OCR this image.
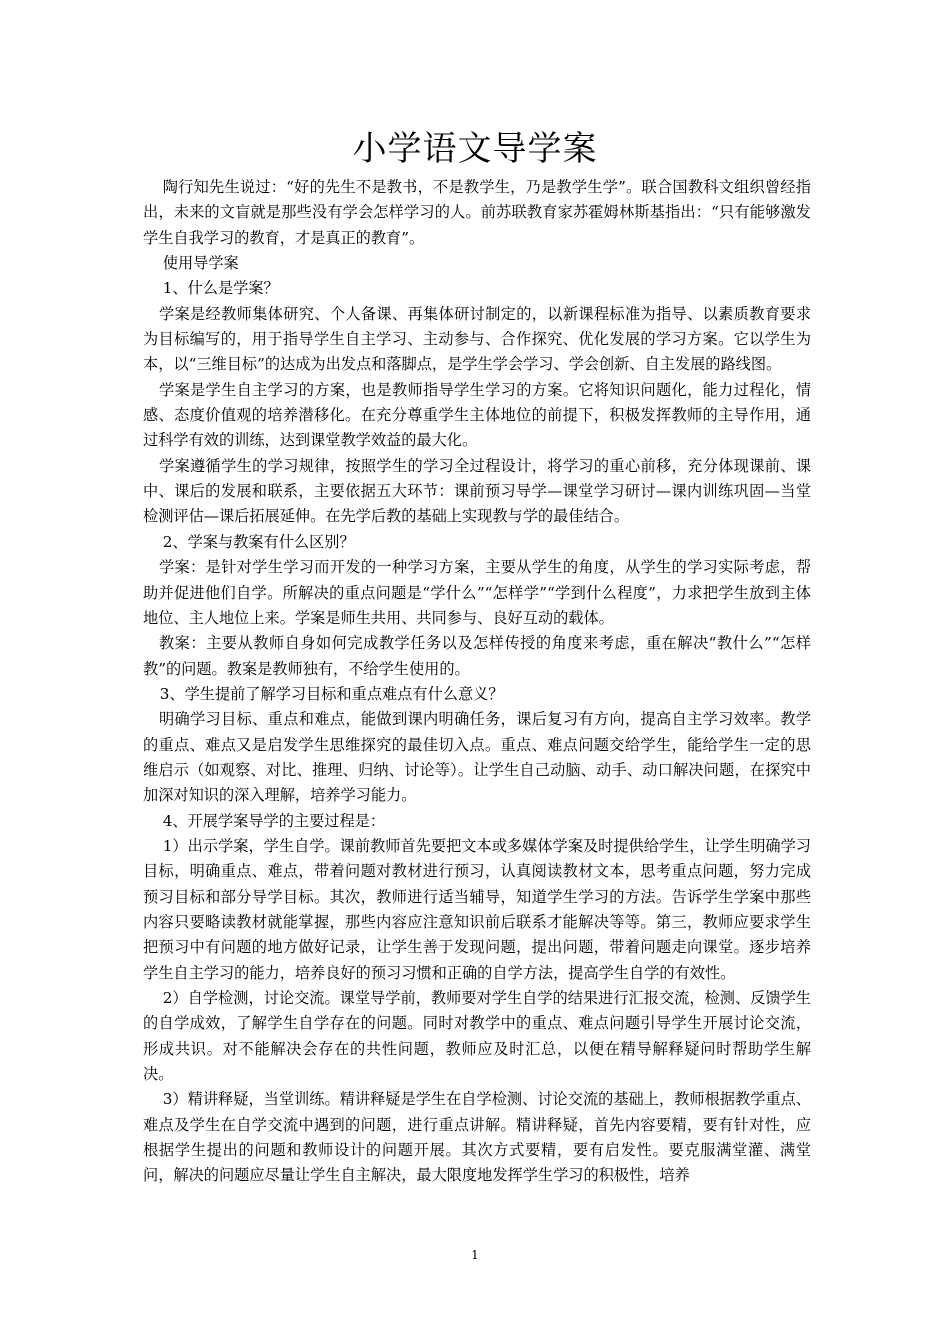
小学语文导学案

陶行知先生说过：“好的先生不是教书，不是教学生，乃是教学生学”。联合国教科文组织曾经指出，未来的文盲就是那些没有学会怎样学习的人。前苏联教育家苏霍姆林斯基指出：“只有能够激发学生自我学习的教育，才是真正的教育”。

使用导学案

1、什么是学案？

学案是经教师集体研究、个人备课、再集体研讨制定的，以新课程标准为指导、以素质教育要求为目标编写的，用于指导学生自主学习、主动参与、合作探究、优化发展的学习方案。它以学生为本，以“三维目标”的达成为出发点和落脚点，是学生学会学习、学会创新、自主发展的路线图。

学案是学生自主学习的方案，也是教师指导学生学习的方案。它将知识问题化，能力过程化，情感、态度价值观的培养潜移化。在充分尊重学生主体地位的前提下，积极发挥教师的主导作用，通过科学有效的训练，达到课堂教学效益的最大化。

学案遵循学生的学习规律，按照学生的学习全过程设计，将学习的重心前移，充分体现课前、课中、课后的发展和联系，主要依据五大环节：课前预习导学—课堂学习研讨—课内训练巩固—当堂检测评估—课后拓展延伸。在先学后教的基础上实现教与学的最佳结合。

2、学案与教案有什么区别？

学案：是针对学生学习而开发的一种学习方案，主要从学生的角度，从学生的学习实际考虑，帮助并促进他们自学。所解决的重点问题是“学什么”“怎样学”“学到什么程度”，力求把学生放到主体地位、主人地位上来。学案是师生共用、共同参与、良好互动的载体。

教案：主要从教师自身如何完成教学任务以及怎样传授的角度来考虑，重在解决“教什么”“怎样教”的问题。教案是教师独有，不给学生使用的。

3、学生提前了解学习目标和重点难点有什么意义？

明确学习目标、重点和难点，能做到课内明确任务，课后复习有方向，提高自主学习效率。教学的重点、难点又是启发学生思维探究的最佳切入点。重点、难点问题交给学生，能给学生一定的思维启示（如观察、对比、推理、归纳、讨论等）。让学生自己动脑、动手、动口解决问题，在探究中加深对知识的深入理解，培养学习能力。

4、开展学案导学的主要过程是：

1）出示学案，学生自学。课前教师首先要把文本或多媒体学案及时提供给学生，让学生明确学习目标，明确重点、难点，带着问题对教材进行预习，认真阅读教材文本，思考重点问题，努力完成预习目标和部分导学目标。其次，教师进行适当辅导，知道学生学习的方法。告诉学生学案中那些内容只要略读教材就能掌握，那些内容应注意知识前后联系才能解决等等。第三，教师应要求学生把预习中有问题的地方做好记录，让学生善于发现问题，提出问题，带着问题走向课堂。逐步培养学生自主学习的能力，培养良好的预习习惯和正确的自学方法，提高学生自学的有效性。

2）自学检测，讨论交流。课堂导学前，教师要对学生自学的结果进行汇报交流，检测、反馈学生的自学成效，了解学生自学存在的问题。同时对教学中的重点、难点问题引导学生开展讨论交流，形成共识。对不能解决会存在的共性问题，教师应及时汇总，以便在精导解释疑问时帮助学生解决。

3）精讲释疑，当堂训练。精讲释疑是学生在自学检测、讨论交流的基础上，教师根据教学重点、难点及学生在自学交流中遇到的问题，进行重点讲解。精讲释疑，首先内容要精，要有针对性，应根据学生提出的问题和教师设计的问题开展。其次方式要精，要有启发性。要克服满堂灌、满堂问，解决的问题应尽量让学生自主解决，最大限度地发挥学生学习的积极性，培养

1
